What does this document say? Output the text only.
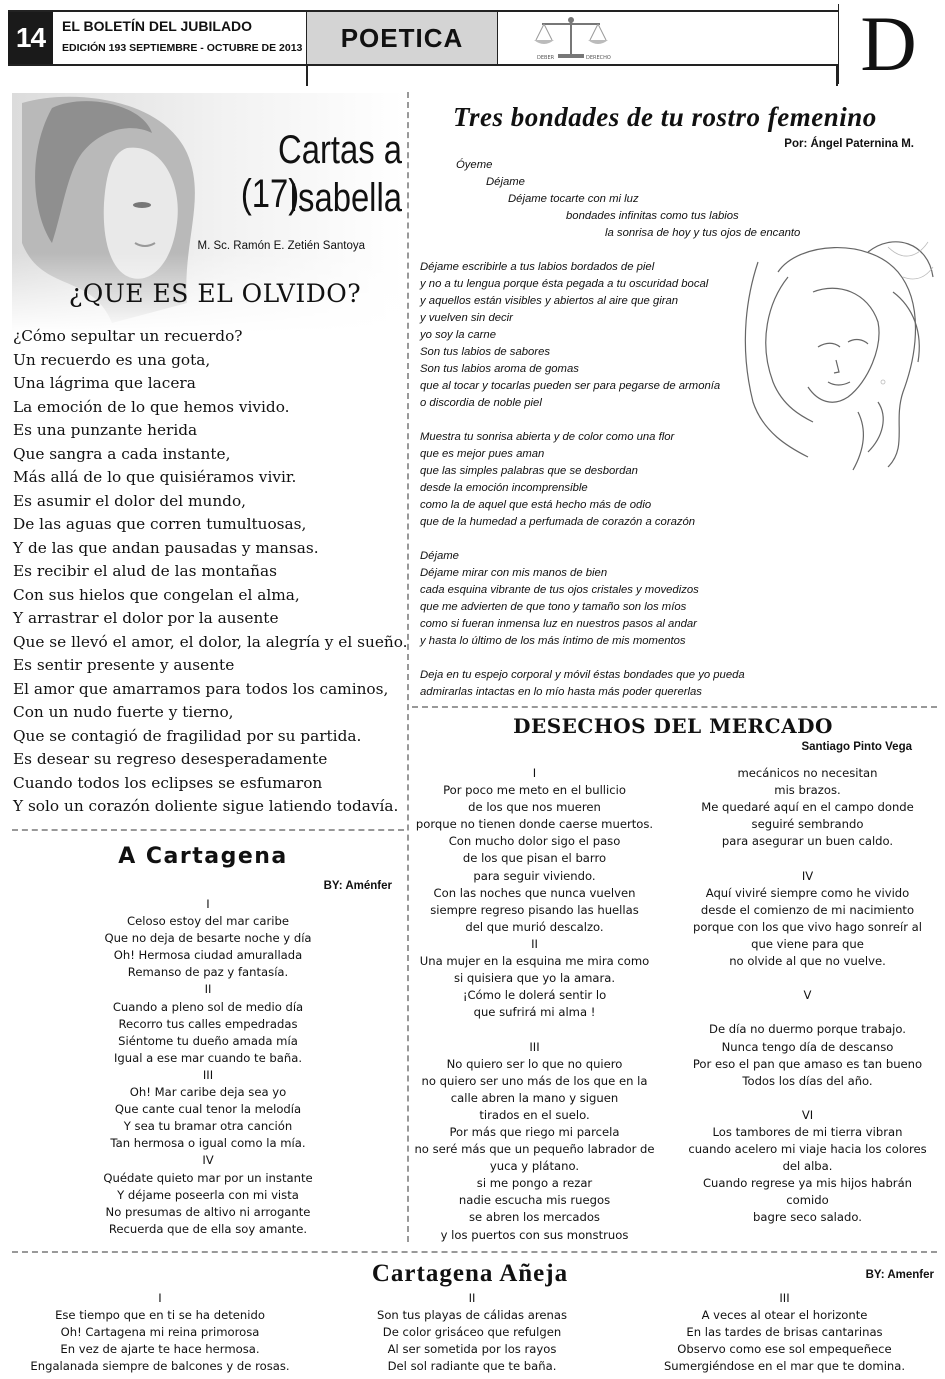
14	EL BOLETÍN DEL JUBILADO
EDICIÓN 193 SEPTIEMBRE - OCTUBRE DE 2013 POETICA
DEBER	DERECHO	D
Cartas a Isabella
(17)
M. Sc. Ramón E. Zetién Santoya
¿QUE ES EL OLVIDO?
¿Cómo sepultar un recuerdo?
Un recuerdo es una gota,
Una lágrima que lacera
La emoción de lo que hemos vivido.
Es una punzante herida
Que sangra a cada instante,
Más allá de lo que quisiéramos vivir.
Es asumir el dolor del mundo,
De las aguas que corren tumultuosas,
Y de las que andan pausadas y mansas.
Es recibir el alud de las montañas
Con sus hielos que congelan el alma,
Y arrastrar el dolor por la ausente
Que se llevó el amor, el dolor, la alegría y el sueño.
Es sentir presente y ausente
El amor que amarramos para todos los caminos,
Con un nudo fuerte y tierno,
Que se contagió de fragilidad por su partida.
Es desear su regreso desesperadamente
Cuando todos los eclipses se esfumaron
Y solo un corazón doliente sigue latiendo todavía.
Tres bondades de tu rostro femenino
Por: Ángel Paternina M.
Óyeme
Déjame
Déjame tocarte con mi luz
bondades infinitas como tus labios
la sonrisa de hoy y tus ojos de encanto
Déjame escribirle a tus labios bordados de piel
y no a tu lengua porque ésta pegada a tu oscuridad bocal
y aquellos están visibles y abiertos al aire que giran
y vuelven sin decir
yo soy la carne
Son tus labios de sabores
Son tus labios aroma de gomas
que al tocar y tocarlas pueden ser para pegarse de armonía
o discordia de noble piel
Muestra tu sonrisa abierta y de color como una flor
que es mejor pues aman
que las simples palabras que se desbordan
desde la emoción incomprensible
como la de aquel que está hecho más de odio
que de la humedad a perfumada de corazón a corazón
Déjame
Déjame mirar con mis manos de bien
cada esquina vibrante de tus ojos cristales y movedizos
que me advierten de que tono y tamaño son los míos
como si fueran inmensa luz en nuestros pasos al andar
y hasta lo último de los más íntimo de mis momentos
Deja en tu espejo corporal y móvil éstas bondades que yo pueda
admirarlas intactas en lo mío hasta más poder quererlas
DESECHOS DEL MERCADO
Santiago Pinto Vega
I
Por poco me meto en el bullicio
de los que nos mueren
porque no tienen donde caerse muertos.
Con mucho dolor sigo el paso
de los que pisan el barro
para seguir viviendo.
Con las noches que nunca vuelven
siempre regreso pisando las huellas
del que murió descalzo.
II
Una mujer en la esquina me mira como
si quisiera que yo la amara.
¡Cómo le dolerá sentir lo
que sufrirá mi alma !
III
No quiero ser lo que no quiero
no quiero ser uno más de los que en la
calle abren la mano y siguen
tirados en el suelo.
Por más que riego mi parcela
no seré más que un pequeño labrador de
yuca y plátano.
si me pongo a rezar
nadie escucha mis ruegos
se abren los mercados
y los puertos con sus monstruos
mecánicos no necesitan
mis brazos.
Me quedaré aquí en el campo donde
seguiré sembrando
para asegurar un buen caldo.
IV
Aquí viviré siempre como he vivido
desde el comienzo de mi nacimiento
porque con los que vivo hago sonreír al
que viene para que
no olvide al que no vuelve.
V
De día no duermo porque trabajo.
Nunca tengo día de descanso
Por eso el pan que amaso es tan bueno
Todos los días del año.
VI
Los tambores de mi tierra vibran
cuando acelero mi viaje hacia los colores
del alba.
Cuando regrese ya mis hijos habrán
comido
bagre seco salado.
A Cartagena
BY: Aménfer
I
Celoso estoy del mar caribe
Que no deja de besarte noche y día
Oh! Hermosa ciudad amurallada
Remanso de paz y fantasía.
II
Cuando a pleno sol de medio día
Recorro tus calles empedradas
Siéntome tu dueño amada mía
Igual a ese mar cuando te baña.
III
Oh! Mar caribe deja sea yo
Que cante cual tenor la melodía
Y sea tu bramar otra canción
Tan hermosa o igual como la mía.
IV
Quédate quieto mar por un instante
Y déjame poseerla con mi vista
No presumas de altivo ni arrogante
Recuerda que de ella soy amante.
Cartagena Añeja	BY: Amenfer
I
Ese tiempo que en ti se ha detenido
Oh! Cartagena mi reina primorosa
En vez de ajarte te hace hermosa.
Engalanada siempre de balcones y de rosas.
II
Son tus playas de cálidas arenas
De color grisáceo que refulgen
Al ser sometida por los rayos
Del sol radiante que te baña.
III
A veces al otear el horizonte
En las tardes de brisas cantarinas
Observo como ese sol empequeñece
Sumergiéndose en el mar que te domina.
